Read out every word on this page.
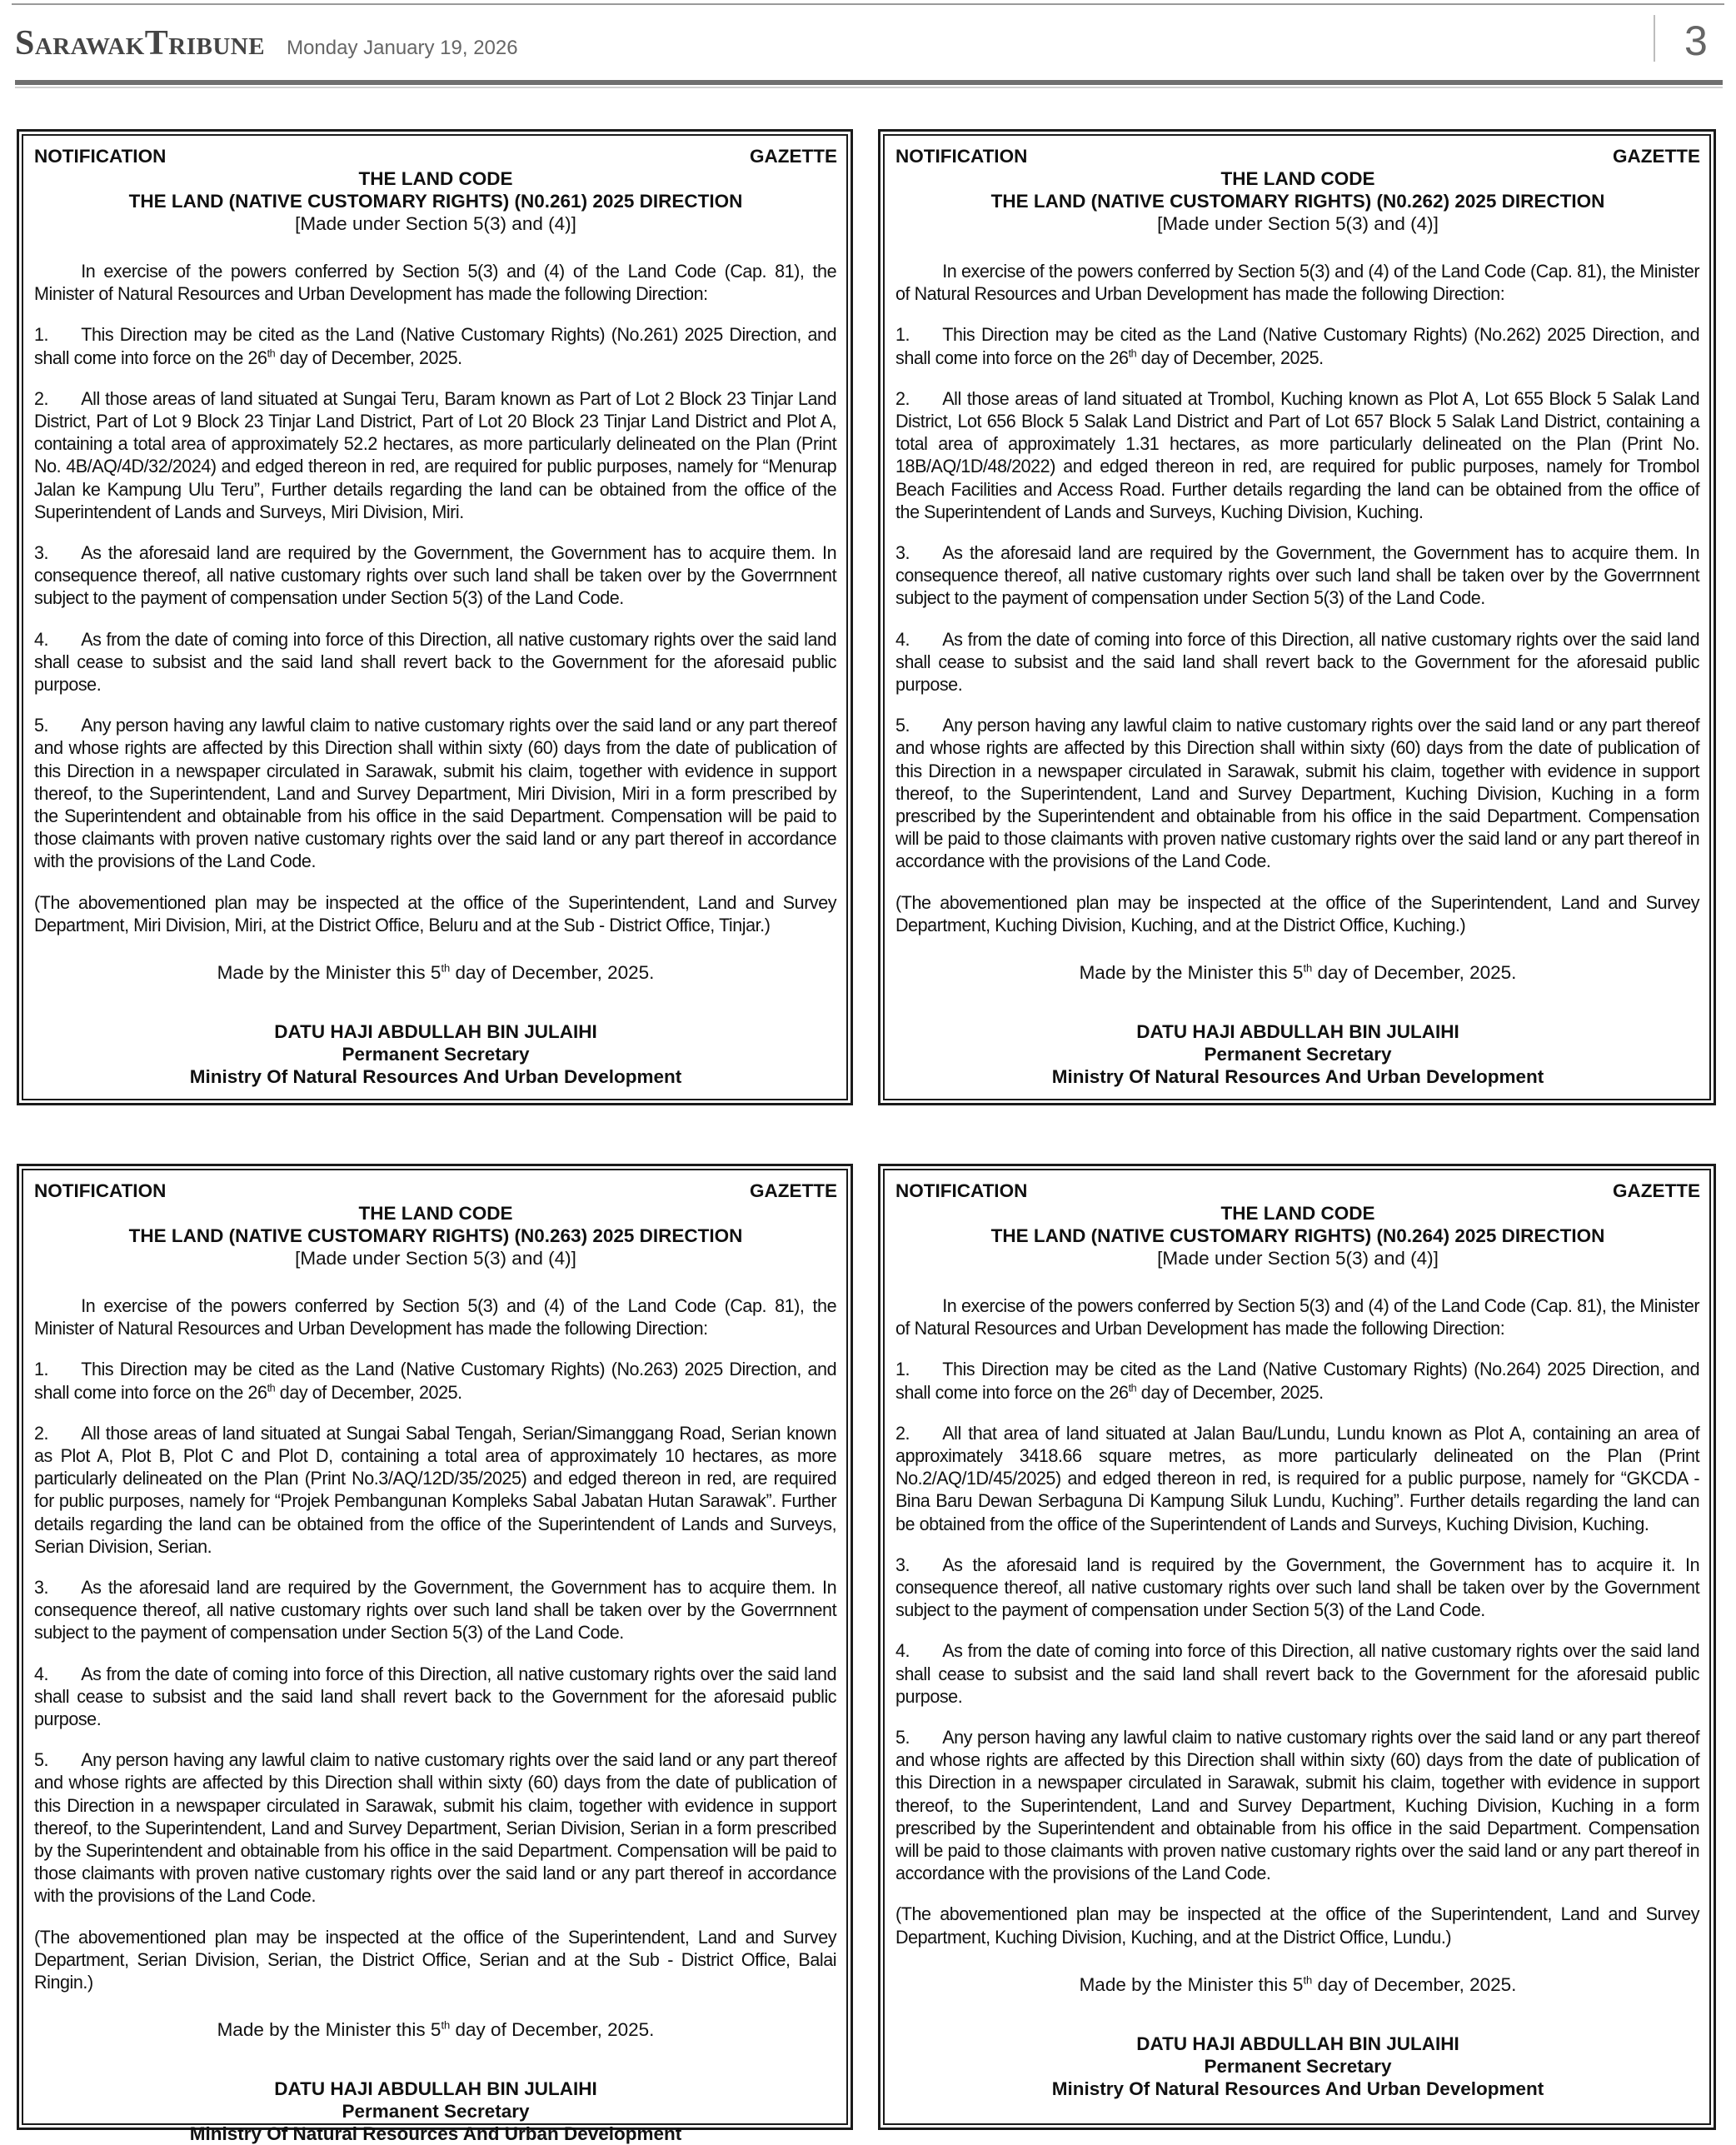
SarawakTribune Monday January 19, 2026	3
NOTIFICATION	GAZETTE
THE LAND CODE
THE LAND (NATIVE CUSTOMARY RIGHTS) (N0.261) 2025 DIRECTION
[Made under Section 5(3) and (4)]

In exercise of the powers conferred by Section 5(3) and (4) of the Land Code (Cap. 81), the Minister of Natural Resources and Urban Development has made the following Direction:

1. This Direction may be cited as the Land (Native Customary Rights) (No.261) 2025 Direction, and shall come into force on the 26th day of December, 2025.

2. All those areas of land situated at Sungai Teru, Baram known as Part of Lot 2 Block 23 Tinjar Land District, Part of Lot 9 Block 23 Tinjar Land District, Part of Lot 20 Block 23 Tinjar Land District and Plot A, containing a total area of approximately 52.2 hectares, as more particularly delineated on the Plan (Print No. 4B/AQ/4D/32/2024) and edged thereon in red, are required for public purposes, namely for “Menurap Jalan ke Kampung Ulu Teru”, Further details regarding the land can be obtained from the office of the Superintendent of Lands and Surveys, Miri Division, Miri.

3. As the aforesaid land are required by the Government, the Government has to acquire them. In consequence thereof, all native customary rights over such land shall be taken over by the Goverrnnent subject to the payment of compensation under Section 5(3) of the Land Code.

4. As from the date of coming into force of this Direction, all native customary rights over the said land shall cease to subsist and the said land shall revert back to the Government for the aforesaid public purpose.

5. Any person having any lawful claim to native customary rights over the said land or any part thereof and whose rights are affected by this Direction shall within sixty (60) days from the date of publication of this Direction in a newspaper circulated in Sarawak, submit his claim, together with evidence in support thereof, to the Superintendent, Land and Survey Department, Miri Division, Miri in a form prescribed by the Superintendent and obtainable from his office in the said Department. Compensation will be paid to those claimants with proven native customary rights over the said land or any part thereof in accordance with the provisions of the Land Code.

(The abovementioned plan may be inspected at the office of the Superintendent, Land and Survey Department, Miri Division, Miri, at the District Office, Beluru and at the Sub - District Office, Tinjar.)

Made by the Minister this 5th day of December, 2025.
DATU HAJI ABDULLAH BIN JULAIHI
Permanent Secretary
Ministry Of Natural Resources And Urban Development
NOTIFICATION	GAZETTE
THE LAND CODE
THE LAND (NATIVE CUSTOMARY RIGHTS) (N0.262) 2025 DIRECTION
[Made under Section 5(3) and (4)]

In exercise of the powers conferred by Section 5(3) and (4) of the Land Code (Cap. 81), the Minister of Natural Resources and Urban Development has made the following Direction:

1. This Direction may be cited as the Land (Native Customary Rights) (No.262) 2025 Direction, and shall come into force on the 26th day of December, 2025.

2. All those areas of land situated at Trombol, Kuching known as Plot A, Lot 655 Block 5 Salak Land District, Lot 656 Block 5 Salak Land District and Part of Lot 657 Block 5 Salak Land District, containing a total area of approximately 1.31 hectares, as more particularly delineated on the Plan (Print No. 18B/AQ/1D/48/2022) and edged thereon in red, are required for public purposes, namely for Trombol Beach Facilities and Access Road. Further details regarding the land can be obtained from the office of the Superintendent of Lands and Surveys, Kuching Division, Kuching.

3. As the aforesaid land are required by the Government, the Government has to acquire them. In consequence thereof, all native customary rights over such land shall be taken over by the Goverrnnent subject to the payment of compensation under Section 5(3) of the Land Code.

4. As from the date of coming into force of this Direction, all native customary rights over the said land shall cease to subsist and the said land shall revert back to the Government for the aforesaid public purpose.

5. Any person having any lawful claim to native customary rights over the said land or any part thereof and whose rights are affected by this Direction shall within sixty (60) days from the date of publication of this Direction in a newspaper circulated in Sarawak, submit his claim, together with evidence in support thereof, to the Superintendent, Land and Survey Department, Kuching Division, Kuching in a form prescribed by the Superintendent and obtainable from his office in the said Department. Compensation will be paid to those claimants with proven native customary rights over the said land or any part thereof in accordance with the provisions of the Land Code.

(The abovementioned plan may be inspected at the office of the Superintendent, Land and Survey Department, Kuching Division, Kuching, and at the District Office, Kuching.)

Made by the Minister this 5th day of December, 2025.
DATU HAJI ABDULLAH BIN JULAIHI
Permanent Secretary
Ministry Of Natural Resources And Urban Development
NOTIFICATION	GAZETTE
THE LAND CODE
THE LAND (NATIVE CUSTOMARY RIGHTS) (N0.263) 2025 DIRECTION
[Made under Section 5(3) and (4)]

In exercise of the powers conferred by Section 5(3) and (4) of the Land Code (Cap. 81), the Minister of Natural Resources and Urban Development has made the following Direction:

1. This Direction may be cited as the Land (Native Customary Rights) (No.263) 2025 Direction, and shall come into force on the 26th day of December, 2025.

2. All those areas of land situated at Sungai Sabal Tengah, Serian/Simanggang Road, Serian known as Plot A, Plot B, Plot C and Plot D, containing a total area of approximately 10 hectares, as more particularly delineated on the Plan (Print No.3/AQ/12D/35/2025) and edged thereon in red, are required for public purposes, namely for “Projek Pembangunan Kompleks Sabal Jabatan Hutan Sarawak”. Further details regarding the land can be obtained from the office of the Superintendent of Lands and Surveys, Serian Division, Serian.

3. As the aforesaid land are required by the Government, the Government has to acquire them. In consequence thereof, all native customary rights over such land shall be taken over by the Goverrnnent subject to the payment of compensation under Section 5(3) of the Land Code.

4. As from the date of coming into force of this Direction, all native customary rights over the said land shall cease to subsist and the said land shall revert back to the Government for the aforesaid public purpose.

5. Any person having any lawful claim to native customary rights over the said land or any part thereof and whose rights are affected by this Direction shall within sixty (60) days from the date of publication of this Direction in a newspaper circulated in Sarawak, submit his claim, together with evidence in support thereof, to the Superintendent, Land and Survey Department, Serian Division, Serian in a form prescribed by the Superintendent and obtainable from his office in the said Department. Compensation will be paid to those claimants with proven native customary rights over the said land or any part thereof in accordance with the provisions of the Land Code.

(The abovementioned plan may be inspected at the office of the Superintendent, Land and Survey Department, Serian Division, Serian, the District Office, Serian and at the Sub - District Office, Balai Ringin.)

Made by the Minister this 5th day of December, 2025.
DATU HAJI ABDULLAH BIN JULAIHI
Permanent Secretary
Ministry Of Natural Resources And Urban Development
NOTIFICATION	GAZETTE
THE LAND CODE
THE LAND (NATIVE CUSTOMARY RIGHTS) (N0.264) 2025 DIRECTION
[Made under Section 5(3) and (4)]

In exercise of the powers conferred by Section 5(3) and (4) of the Land Code (Cap. 81), the Minister of Natural Resources and Urban Development has made the following Direction:

1. This Direction may be cited as the Land (Native Customary Rights) (No.264) 2025 Direction, and shall come into force on the 26th day of December, 2025.

2. All that area of land situated at Jalan Bau/Lundu, Lundu known as Plot A, containing an area of approximately 3418.66 square metres, as more particularly delineated on the Plan (Print No.2/AQ/1D/45/2025) and edged thereon in red, is required for a public purpose, namely for “GKCDA - Bina Baru Dewan Serbaguna Di Kampung Siluk Lundu, Kuching”. Further details regarding the land can be obtained from the office of the Superintendent of Lands and Surveys, Kuching Division, Kuching.

3. As the aforesaid land is required by the Government, the Government has to acquire it. In consequence thereof, all native customary rights over such land shall be taken over by the Government subject to the payment of compensation under Section 5(3) of the Land Code.

4. As from the date of coming into force of this Direction, all native customary rights over the said land shall cease to subsist and the said land shall revert back to the Government for the aforesaid public purpose.

5. Any person having any lawful claim to native customary rights over the said land or any part thereof and whose rights are affected by this Direction shall within sixty (60) days from the date of publication of this Direction in a newspaper circulated in Sarawak, submit his claim, together with evidence in support thereof, to the Superintendent, Land and Survey Department, Kuching Division, Kuching in a form prescribed by the Superintendent and obtainable from his office in the said Department. Compensation will be paid to those claimants with proven native customary rights over the said land or any part thereof in accordance with the provisions of the Land Code.

(The abovementioned plan may be inspected at the office of the Superintendent, Land and Survey Department, Kuching Division, Kuching, and at the District Office, Lundu.)

Made by the Minister this 5th day of December, 2025.
DATU HAJI ABDULLAH BIN JULAIHI
Permanent Secretary
Ministry Of Natural Resources And Urban Development
